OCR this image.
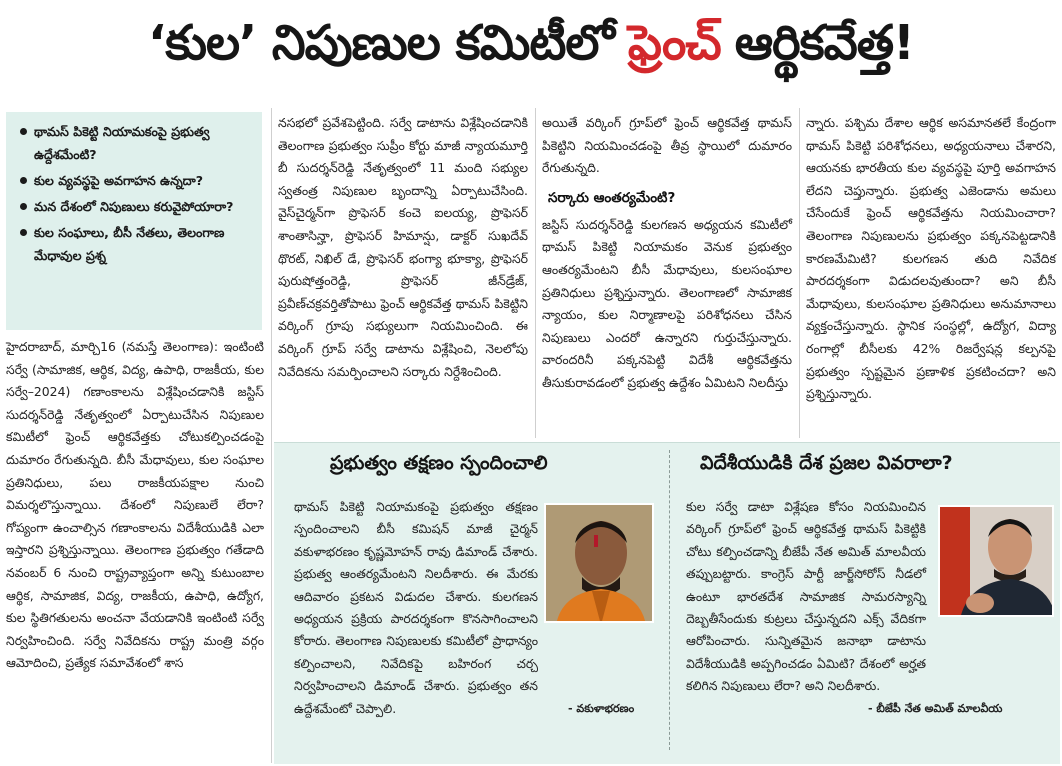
‘కుల’ నిపుణుల కమిటీలో ఫ్రెంచ్ ఆర్థికవేత్త!
థామస్ పికెట్టి నియామకంపై ప్రభుత్వ ఉద్దేశమేంటి?
కుల వ్యవస్థపై అవగాహన ఉన్నదా?
మన దేశంలో నిపుణులు కరువైపోయారా?
కుల సంఘాలు, బీసీ నేతలు, తెలంగాణ మేధావుల ప్రశ్న

హైదరాబాద్, మార్చి16 (నమస్తే తెలంగాణ): ఇంటింటి సర్వే (సామాజిక, ఆర్థిక, విద్య, ఉపాధి, రాజకీయ, కుల సర్వే–2024) గణాంకాలను విశ్లేషించడానికి జస్టిస్ సుదర్శన్‌రెడ్డి నేతృత్వంలో ఏర్పాటుచేసిన నిపుణుల కమిటీలో ఫ్రెంచ్ ఆర్థికవేత్తకు చోటుకల్పించడంపై దుమారం రేగుతున్నది. బీసీ మేధావులు, కుల సంఘాల ప్రతినిధులు, పలు రాజకీయపక్షాల నుంచి విమర్శలొస్తున్నాయి. దేశంలో నిపుణులే లేరా? గోప్యంగా ఉంచాల్సిన గణాంకాలను విదేశీయుడికి ఎలా ఇస్తారని ప్రశ్నిస్తున్నాయి. తెలంగాణ ప్రభుత్వం గతేడాది నవంబర్ 6 నుంచి రాష్ట్రవ్యాప్తంగా అన్ని కుటుంబాల ఆర్థిక, సామాజిక, విద్య, రాజకీయ, ఉపాధి, ఉద్యోగ, కుల స్థితిగతులను అంచనా వేయడానికి ఇంటింటి సర్వే నిర్వహించింది. సర్వే నివేదికను రాష్ట్ర మంత్రి వర్గం ఆమోదించి, ప్రత్యేక సమావేశంలో శాస

నసభలో ప్రవేశపెట్టింది. సర్వే డాటాను విశ్లేషించడానికి తెలంగాణ ప్రభుత్వం సుప్రీం కోర్టు మాజీ న్యాయమూర్తి బీ సుదర్శన్‌రెడ్డి నేతృత్వంలో 11 మంది సభ్యుల స్వతంత్ర నిపుణుల బృందాన్ని ఏర్పాటుచేసింది. వైస్‌చైర్మన్‌గా ప్రొఫెసర్ కంచె ఐలయ్య, ప్రొఫెసర్ శాంతాసిన్హా, ప్రొఫెసర్ హిమాన్షు, డాక్టర్ సుఖదేవ్ థొరట్, నిఖిల్ డే, ప్రొఫెసర్ భంగ్యా భూక్యా, ప్రొఫెసర్ పురుషోత్తంరెడ్డి, ప్రొఫెసర్ జీన్‌డ్రేజ్, ప్రవీణ్‌చక్రవర్తితోపాటు ఫ్రెంచ్ ఆర్థికవేత్త థామస్ పికెట్టిని వర్కింగ్ గ్రూపు సభ్యులుగా నియమించింది. ఈ వర్కింగ్ గ్రూప్ సర్వే డాటాను విశ్లేషించి, నెలలోపు నివేదికను సమర్పించాలని సర్కారు నిర్దేశించింది.

అయితే వర్కింగ్ గ్రూప్‌లో ఫ్రెంచ్ ఆర్థికవేత్త థామస్ పికెట్టిని నియమించడంపై తీవ్ర స్థాయిలో దుమారం రేగుతున్నది.

సర్కారు ఆంతర్యమేంటి?

జస్టిస్ సుదర్శన్‌రెడ్డి కులగణన అధ్యయన కమిటీలో థామస్ పికెట్టి నియామకం వెనుక ప్రభుత్వం ఆంతర్యమేంటని బీసీ మేధావులు, కులసంఘాల ప్రతినిధులు ప్రశ్నిస్తున్నారు. తెలంగాణలో సామాజిక న్యాయం, కుల నిర్మాణాలపై పరిశోధనలు చేసిన నిపుణులు ఎందరో ఉన్నారని గుర్తుచేస్తున్నారు. వారందరినీ పక్కనపెట్టి విదేశీ ఆర్థికవేత్తను తీసుకురావడంలో ప్రభుత్వ ఉద్దేశం ఏమిటని నిలదీస్తు

న్నారు. పశ్చిమ దేశాల ఆర్థిక అసమానతలే కేంద్రంగా థామస్ పికెట్టి పరిశోధనలు, అధ్యయనాలు చేశారని, ఆయనకు భారతీయ కుల వ్యవస్థపై పూర్తి అవగాహన లేదని చెప్తున్నారు. ప్రభుత్వ ఎజెండాను అమలు చేసేందుకే ఫ్రెంచ్ ఆర్థికవేత్తను నియమించారా? తెలంగాణ నిపుణులను ప్రభుత్వం పక్కనపెట్టడానికి కారణమేమిటి? కులగణన తుది నివేదిక పారదర్శకంగా విడుదలవుతుందా? అని బీసీ మేధావులు, కులసంఘాల ప్రతినిధులు అనుమానాలు వ్యక్తంచేస్తున్నారు. స్థానిక సంస్థల్లో, ఉద్యోగ, విద్యా రంగాల్లో బీసీలకు 42% రిజర్వేషన్ల కల్పనపై ప్రభుత్వం స్పష్టమైన ప్రణాళిక ప్రకటించదా? అని ప్రశ్నిస్తున్నారు.

ప్రభుత్వం తక్షణం స్పందించాలి
థామస్ పికెట్టి నియామకంపై ప్రభుత్వం తక్షణం స్పందించాలని బీసీ కమిషన్ మాజీ చైర్మన్ వకుళాభరణం కృష్ణమోహన్ రావు డిమాండ్ చేశారు. ప్రభుత్వ ఆంతర్యమేంటని నిలదీశారు. ఈ మేరకు ఆదివారం ప్రకటన విడుదల చేశారు. కులగణన అధ్యయన ప్రక్రియ పారదర్శకంగా కొనసాగించాలని కోరారు. తెలంగాణ నిపుణులకు కమిటీలో ప్రాధాన్యం కల్పించాలని, నివేదికపై బహిరంగ చర్చ నిర్వహించాలని డిమాండ్ చేశారు. ప్రభుత్వం తన ఉద్దేశమేంటో చెప్పాలి.	- వకుళాభరణం
విదేశీయుడికి దేశ ప్రజల వివరాలా?
కుల సర్వే డాటా విశ్లేషణ కోసం నియమించిన వర్కింగ్ గ్రూప్‌లో ఫ్రెంచ్ ఆర్థికవేత్త థామస్ పికెట్టికి చోటు కల్పించడాన్ని బీజేపీ నేత అమిత్ మాలవీయ తప్పుబట్టారు. కాంగ్రెస్ పార్టీ జార్జ్‌సోరోస్ నీడలో ఉంటూ భారతదేశ సామాజిక సామరస్యాన్ని దెబ్బతీసేందుకు కుట్రలు చేస్తున్నదని ఎక్స్ వేదికగా ఆరోపించారు. సున్నితమైన జనాభా డాటాను విదేశీయుడికి అప్పగించడం ఏమిటి? దేశంలో అర్హత కలిగిన నిపుణులు లేరా? అని నిలదీశారు.
- బీజేపీ నేత అమిత్ మాలవీయ
